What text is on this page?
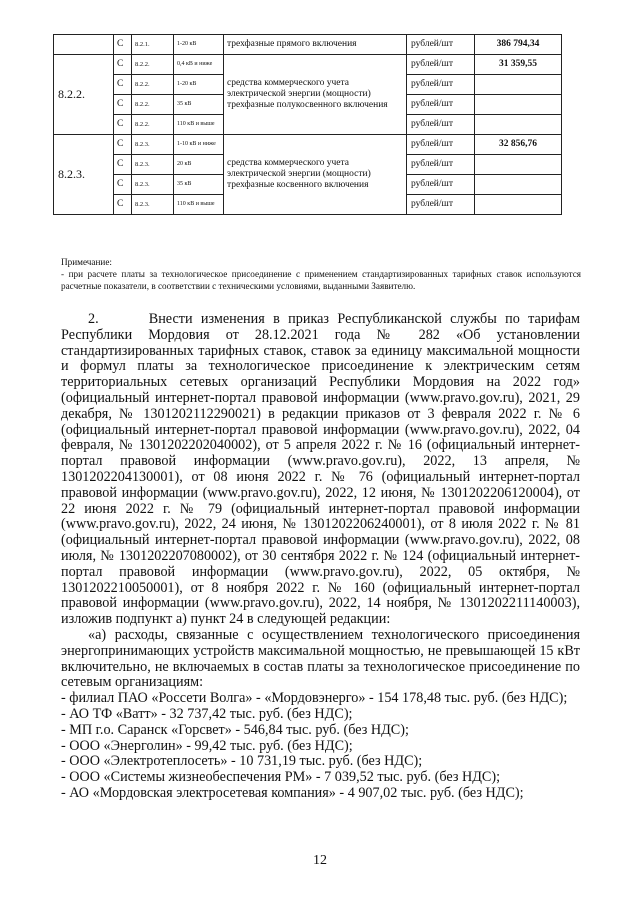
	С	8.2.1.	1-20 кВ	трехфазные прямого включения	рублей/шт	386 794,34
8.2.2.	С	8.2.2.	0,4 кВ и ниже	средства коммерческого учета электрической энергии (мощности) трехфазные полукосвенного включения	рублей/шт	31 359,55
	С	8.2.2.	1-20 кВ		рублей/шт	
	С	8.2.2.	35 кВ		рублей/шт	
	С	8.2.2.	110 кВ и выше		рублей/шт	
8.2.3.	С	8.2.3.	1-10 кВ и ниже	средства коммерческого учета электрической энергии (мощности) трехфазные косвенного включения	рублей/шт	32 856,76
	С	8.2.3.	20 кВ		рублей/шт	
	С	8.2.3.	35 кВ		рублей/шт	
	С	8.2.3.	110 кВ и выше		рублей/шт	
Примечание:
- при расчете платы за технологическое присоединение с применением стандартизированных тарифных ставок используются расчетные показатели, в соответствии с техническими условиями, выданными Заявителю.

2.      Внести изменения в приказ Республиканской службы по тарифам Республики Мордовия от 28.12.2021 года № 282 «Об установлении стандартизированных тарифных ставок, ставок за единицу максимальной мощности и формул платы за технологическое присоединение к электрическим сетям территориальных сетевых организаций Республики Мордовия на 2022 год» (официальный интернет-портал правовой информации (www.pravo.gov.ru), 2021, 29 декабря, № 1301202112290021) в редакции приказов от 3 февраля 2022 г. № 6 (официальный интернет-портал правовой информации (www.pravo.gov.ru), 2022, 04 февраля, № 1301202202040002), от 5 апреля 2022 г. № 16 (официальный интернет-портал правовой информации (www.pravo.gov.ru), 2022, 13 апреля, № 1301202204130001), от 08 июня 2022 г. № 76 (официальный интернет-портал правовой информации (www.pravo.gov.ru), 2022, 12 июня, № 1301202206120004), от 22 июня 2022 г. № 79 (официальный интернет-портал правовой информации (www.pravo.gov.ru), 2022, 24 июня, № 1301202206240001), от 8 июля 2022 г. № 81 (официальный интернет-портал правовой информации (www.pravo.gov.ru), 2022, 08 июля, № 1301202207080002), от 30 сентября 2022 г. № 124 (официальный интернет-портал правовой информации (www.pravo.gov.ru), 2022, 05 октября, № 1301202210050001), от 8 ноября 2022 г. № 160 (официальный интернет-портал правовой информации (www.pravo.gov.ru), 2022, 14 ноября, № 1301202211140003), изложив подпункт а) пункт 24 в следующей редакции:

«а) расходы, связанные с осуществлением технологического присоединения энергопринимающих устройств максимальной мощностью, не превышающей 15 кВт включительно, не включаемых в состав платы за технологическое присоединение по сетевым организациям:

- филиал ПАО «Россети Волга» - «Мордовэнерго» - 154 178,48 тыс. руб. (без НДС);

- АО ТФ «Ватт» - 32 737,42 тыс. руб. (без НДС);

- МП г.о. Саранск «Горсвет» - 546,84 тыс. руб. (без НДС);

- ООО «Энерголин» - 99,42 тыс. руб. (без НДС);

- ООО «Электротеплосеть» - 10 731,19 тыс. руб. (без НДС);

- ООО «Системы жизнеобеспечения РМ» - 7 039,52 тыс. руб. (без НДС);

- АО «Мордовская электросетевая компания» - 4 907,02 тыс. руб. (без НДС);

12
